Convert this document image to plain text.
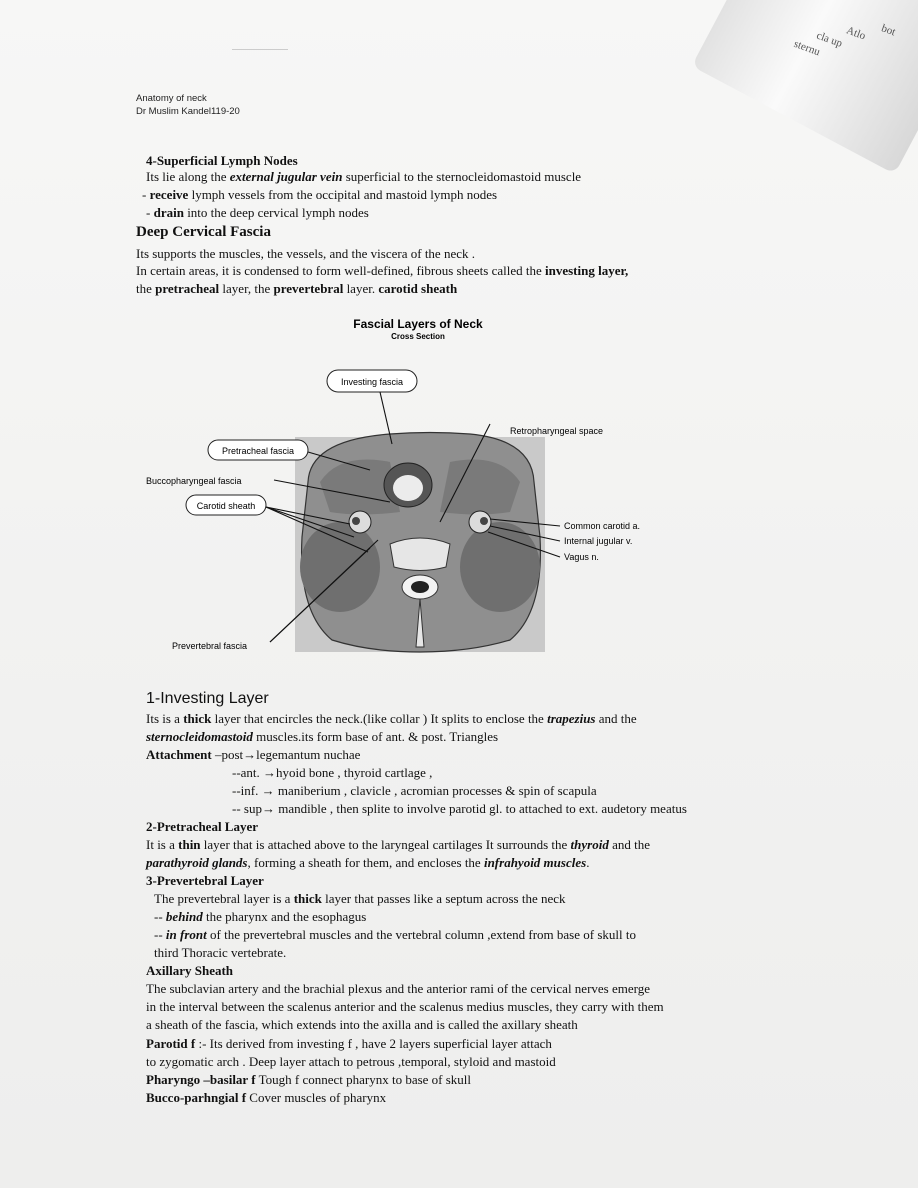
bot
Atlo
cla up
sternu
Anatomy of neck
Dr Muslim Kandel119-20
4-Superficial Lymph Nodes
Its lie along the external jugular vein superficial to the sternocleidomastoid muscle
- receive lymph vessels from the occipital and mastoid lymph nodes
- drain into the deep cervical lymph nodes
Deep Cervical Fascia
Its supports the muscles, the vessels, and the viscera of the neck .
In certain areas, it is condensed to form well-defined, fibrous sheets called the investing layer,
the pretracheal layer, the prevertebral layer. carotid sheath
Fascial Layers of Neck
Cross Section
Investing fascia
Pretracheal fascia
Buccopharyngeal fascia
Carotid sheath
Prevertebral fascia
Retropharyngeal space
Common carotid a.
Internal jugular v.
Vagus n.
1-Investing Layer
Its is a thick layer that encircles the neck.(like collar ) It splits to enclose the trapezius and the
sternocleidomastoid muscles.its form base of ant. & post. Triangles
Attachment –post→legemantum nuchae
--ant. →hyoid bone , thyroid cartlage ,
--inf. → maniberium , clavicle , acromian processes & spin of scapula
-- sup→ mandible , then splite to involve parotid gl. to attached to ext. audetory meatus
2-Pretracheal Layer
It is a thin layer that is attached above to the laryngeal cartilages It surrounds the thyroid and the
parathyroid glands, forming a sheath for them, and encloses the infrahyoid muscles.
3-Prevertebral Layer
The prevertebral layer is a thick layer that passes like a septum across the neck
-- behind the pharynx and the esophagus
-- in front of the prevertebral muscles and the vertebral column ,extend from base of skull to
third Thoracic vertebrate.
Axillary Sheath
The subclavian artery and the brachial plexus and the anterior rami of the cervical nerves emerge
in the interval between the scalenus anterior and the scalenus medius muscles, they carry with them
a sheath of the fascia, which extends into the axilla and is called the axillary sheath
Parotid f :- Its derived from investing f , have 2 layers superficial layer attach
to zygomatic arch . Deep layer attach to petrous ,temporal, styloid and mastoid
Pharyngo –basilar f Tough f connect pharynx to base of skull
Bucco-parhngial f Cover muscles of pharynx
